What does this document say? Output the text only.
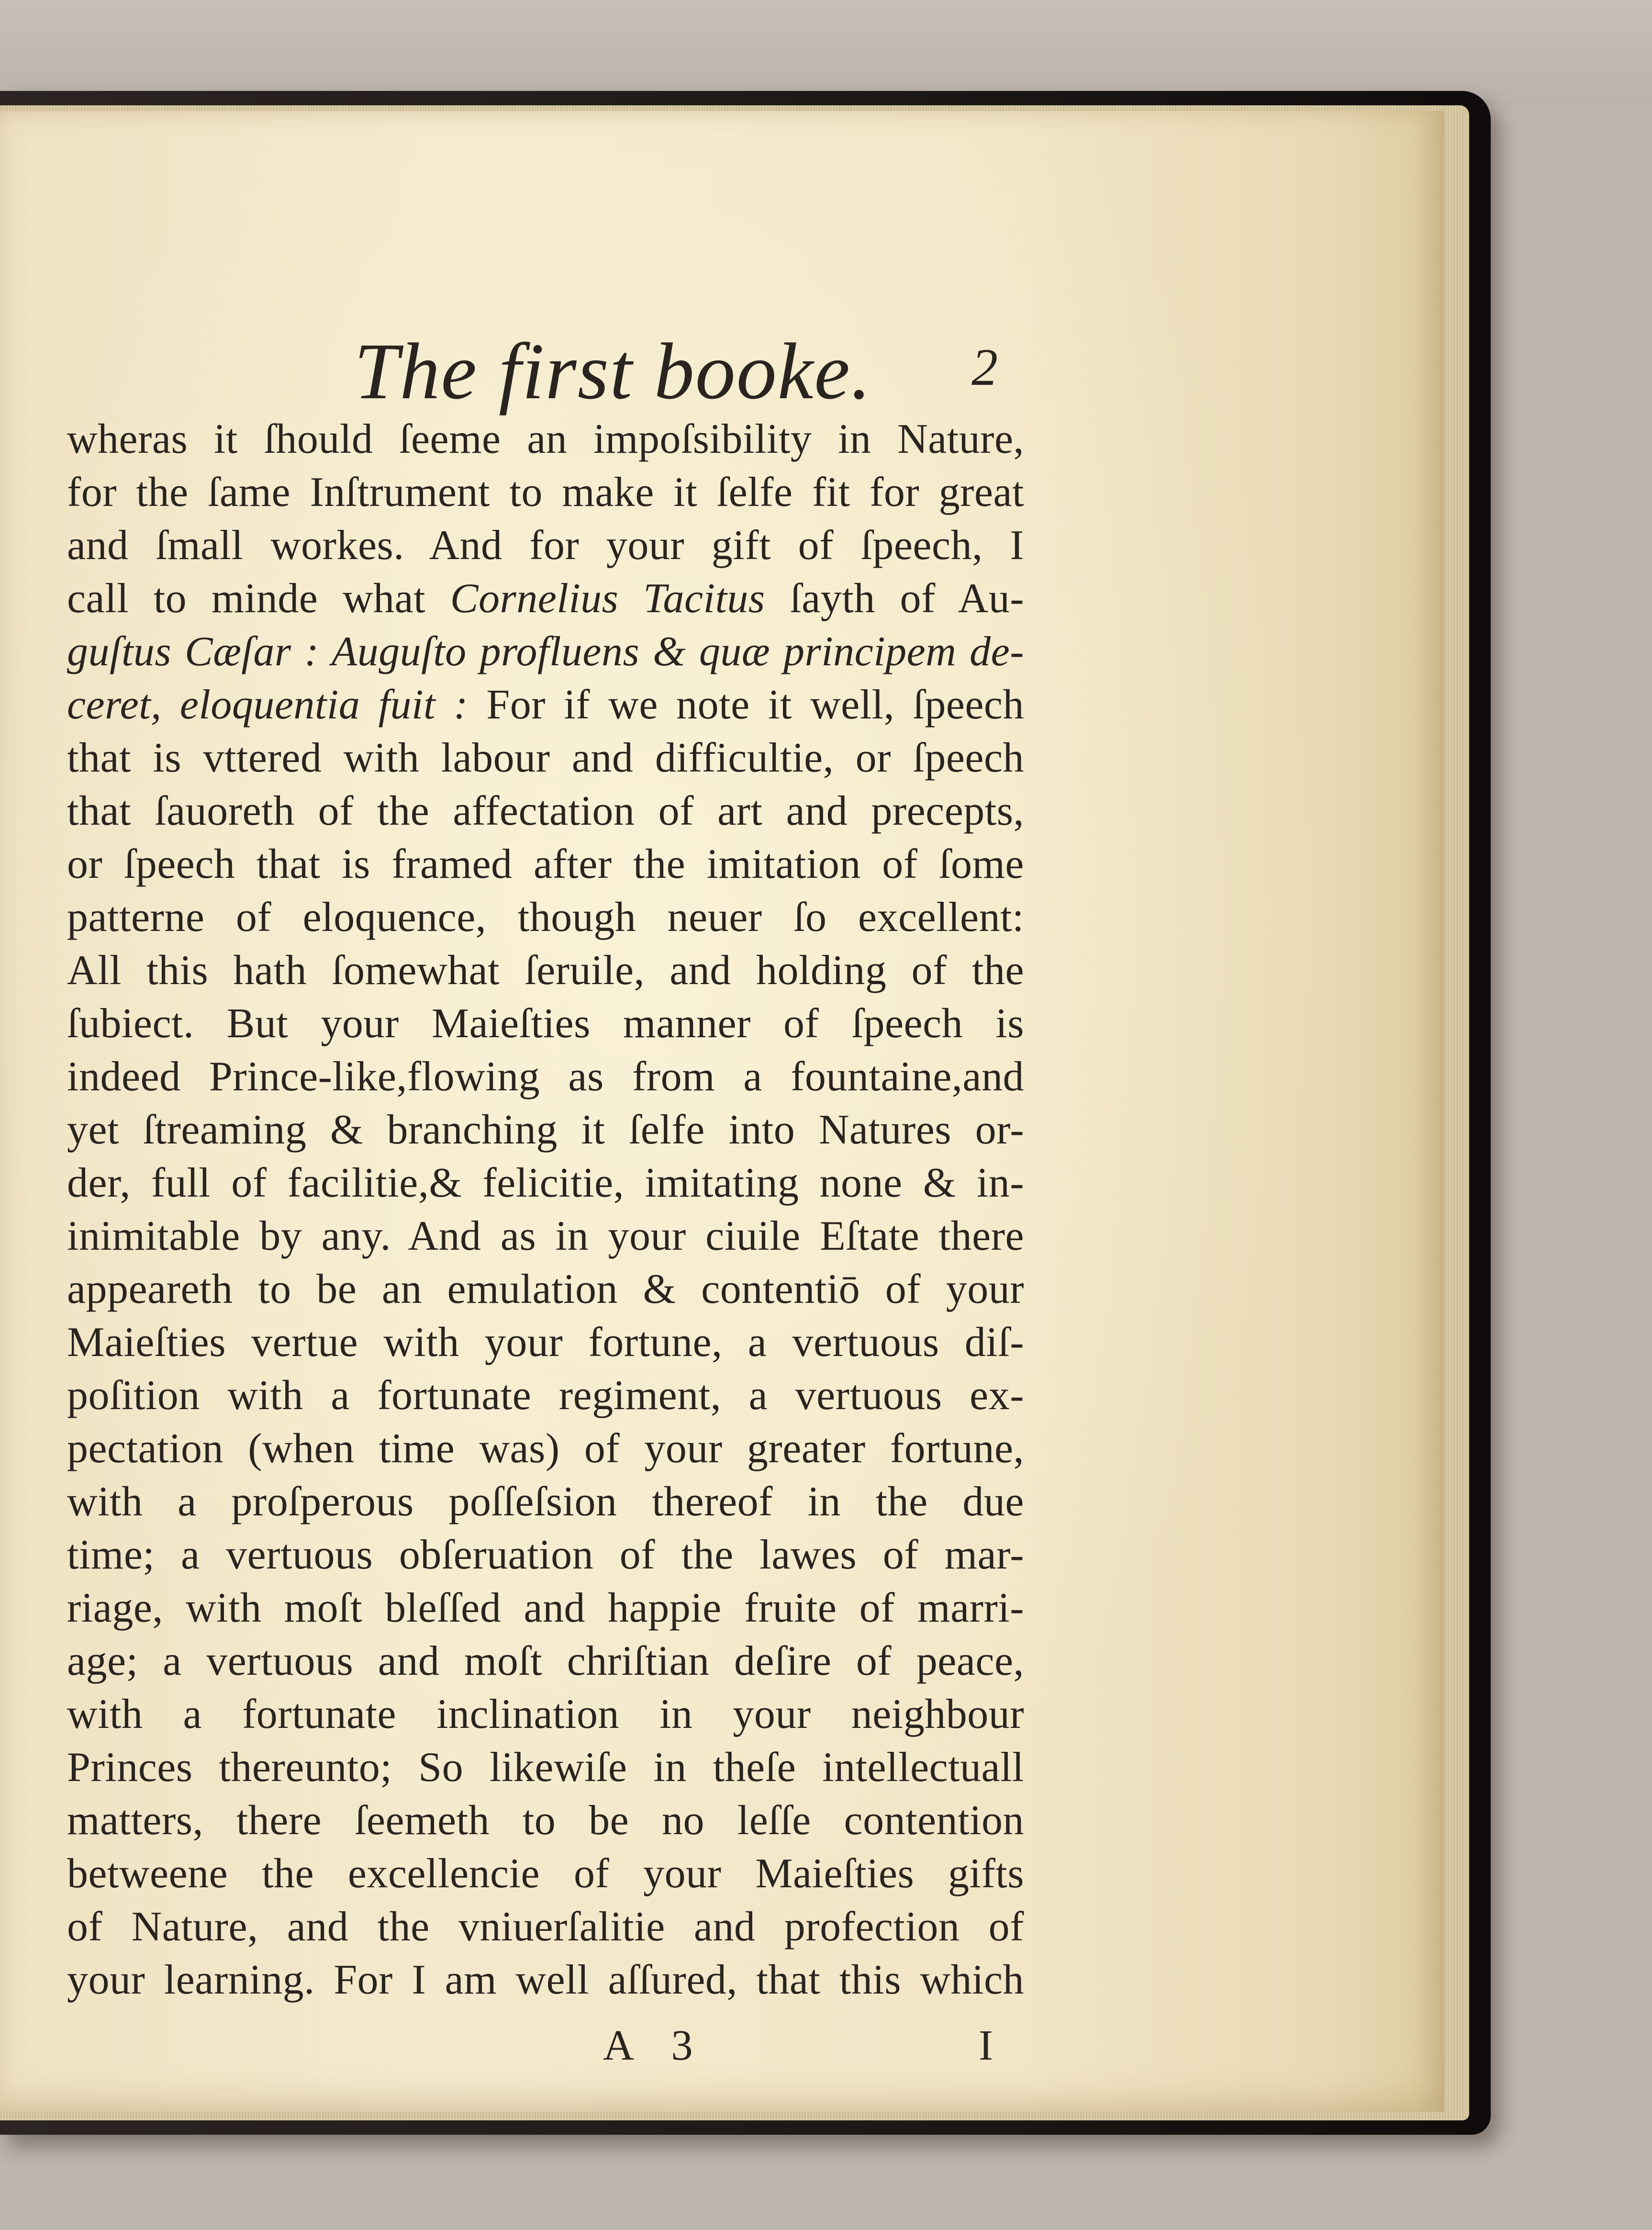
The first booke. 2
wheras it ſhould ſeeme an impoſsibility in Nature,
for the ſame Inſtrument to make it ſelfe fit for great
and ſmall workes. And for your gift of ſpeech, I
call to minde what Cornelius Tacitus ſayth of Au-
guſtus Cæſar : Auguſto profluens & quæ principem de-
ceret, eloquentia fuit : For if we note it well, ſpeech
that is vttered with labour and difficultie, or ſpeech
that ſauoreth of the affectation of art and precepts,
or ſpeech that is framed after the imitation of ſome
patterne of eloquence, though neuer ſo excellent:
All this hath ſomewhat ſeruile, and holding of the
ſubiect. But your Maieſties manner of ſpeech is
indeed Prince-like,flowing as from a fountaine,and
yet ſtreaming & branching it ſelfe into Natures or-
der, full of facilitie,& felicitie, imitating none & in-
inimitable by any. And as in your ciuile Eſtate there
appeareth to be an emulation & contentiō of your
Maieſties vertue with your fortune, a vertuous diſ-
poſition with a fortunate regiment, a vertuous ex-
pectation (when time was) of your greater fortune,
with a proſperous poſſeſsion thereof in the due
time; a vertuous obſeruation of the lawes of mar-
riage, with moſt bleſſed and happie fruite of marri-
age; a vertuous and moſt chriſtian deſire of peace,
with a fortunate inclination in your neighbour
Princes thereunto; So likewiſe in theſe intellectuall
matters, there ſeemeth to be no leſſe contention
betweene the excellencie of your Maieſties gifts
of Nature, and the vniuerſalitie and profection of
your learning. For I am well aſſured, that this which
A 3	I
